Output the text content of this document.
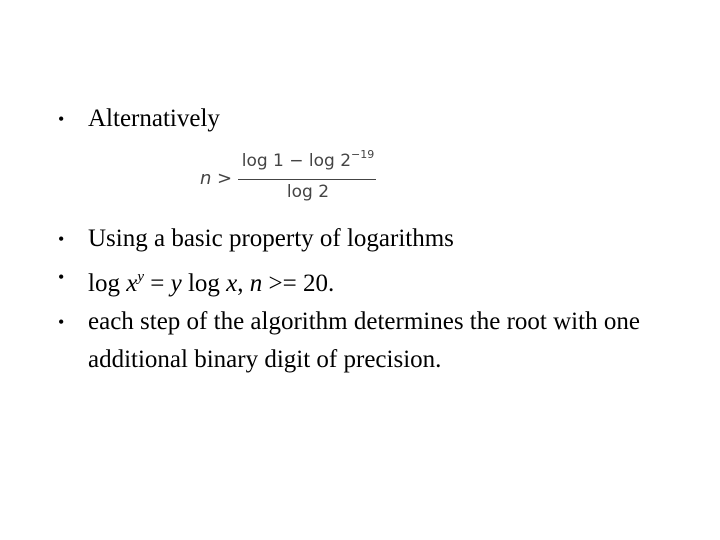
• Alternatively
n >
$\log 1 - \log 2^{-19}$
log 2
• Using a basic property of logarithms
• $\log x^y = y$ log x, n >= 20.
• each step of the algorithm determines the root with one additional binary digit of precision.
